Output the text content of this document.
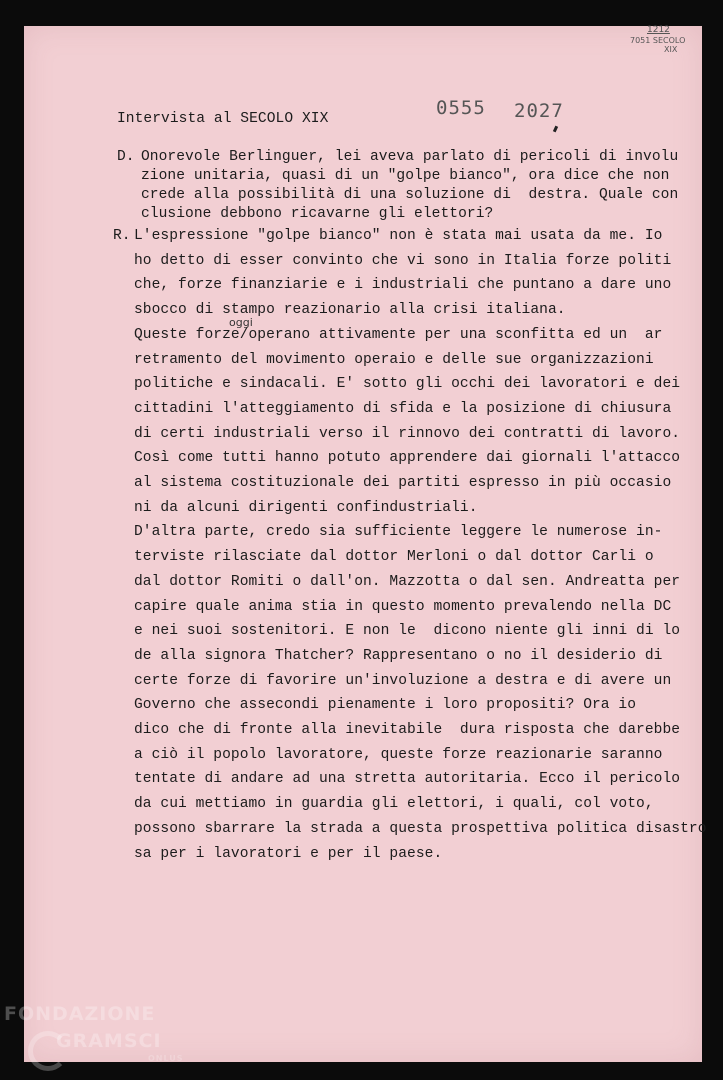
1212
7051 SECOLO
XIX
0555 2027
Intervista al SECOLO XIX
D.

Onorevole Berlinguer, lei aveva parlato di pericoli di involu

zione unitaria, quasi di un "golpe bianco", ora dice che non

crede alla possibilità di una soluzione di  destra. Quale con

clusione debbono ricavarne gli elettori?

R.

L'espressione "golpe bianco" non è stata mai usata da me. Io

ho detto di esser convinto che vi sono in Italia forze politi

che, forze finanziarie e i industriali che puntano a dare uno

sbocco di stampo reazionario alla crisi italiana.

Queste forze/operano attivamente per una sconfitta ed un  ar

retramento del movimento operaio e delle sue organizzazioni

politiche e sindacali. E' sotto gli occhi dei lavoratori e dei

cittadini l'atteggiamento di sfida e la posizione di chiusura

di certi industriali verso il rinnovo dei contratti di lavoro.

Così come tutti hanno potuto apprendere dai giornali l'attacco

al sistema costituzionale dei partiti espresso in più occasio

ni da alcuni dirigenti confindustriali.

D'altra parte, credo sia sufficiente leggere le numerose in-

terviste rilasciate dal dottor Merloni o dal dottor Carli o

dal dottor Romiti o dall'on. Mazzotta o dal sen. Andreatta per

capire quale anima stia in questo momento prevalendo nella DC

e nei suoi sostenitori. E non le  dicono niente gli inni di lo

de alla signora Thatcher? Rappresentano o no il desiderio di

certe forze di favorire un'involuzione a destra e di avere un

Governo che assecondi pienamente i loro propositi? Ora io

dico che di fronte alla inevitabile  dura risposta che darebbe

a ciò il popolo lavoratore, queste forze reazionarie saranno

tentate di andare ad una stretta autoritaria. Ecco il pericolo

da cui mettiamo in guardia gli elettori, i quali, col voto,

possono sbarrare la strada a questa prospettiva politica disastro

sa per i lavoratori e per il paese.

oggi
FONDAZIONE
GRAMSCI
ONLUS
